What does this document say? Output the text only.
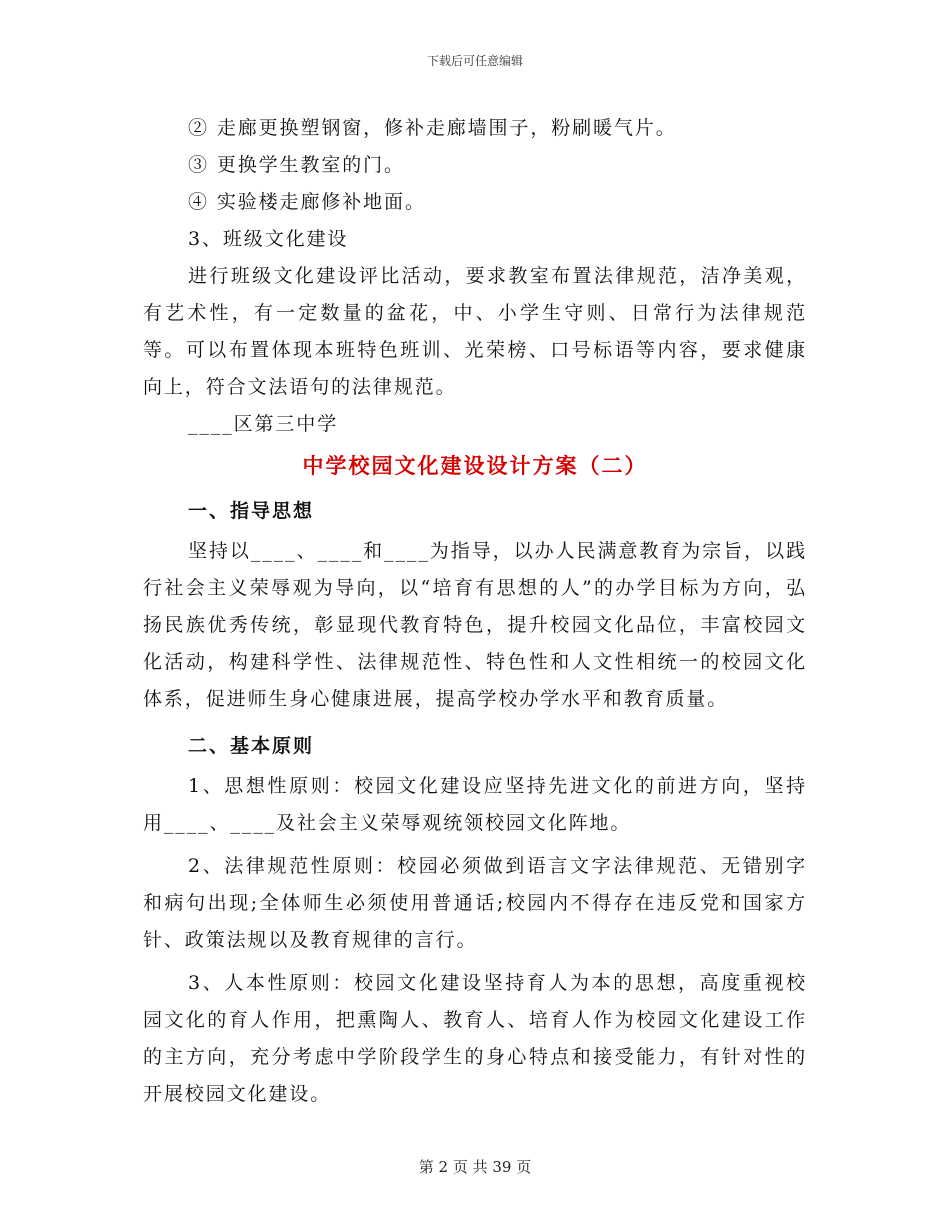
下载后可任意编辑

② 走廊更换塑钢窗，修补走廊墙围子，粉刷暖气片。

③ 更换学生教室的门。

④ 实验楼走廊修补地面。

3、班级文化建设

进行班级文化建设评比活动，要求教室布置法律规范，洁净美观，有艺术性，有一定数量的盆花，中、小学生守则、日常行为法律规范等。可以布置体现本班特色班训、光荣榜、口号标语等内容，要求健康向上，符合文法语句的法律规范。

____区第三中学

中学校园文化建设设计方案（二）

一、指导思想

坚持以____、____和____为指导，以办人民满意教育为宗旨，以践行社会主义荣辱观为导向，以“培育有思想的人”的办学目标为方向，弘扬民族优秀传统，彰显现代教育特色，提升校园文化品位，丰富校园文化活动，构建科学性、法律规范性、特色性和人文性相统一的校园文化体系，促进师生身心健康进展，提高学校办学水平和教育质量。

二、基本原则

1、思想性原则：校园文化建设应坚持先进文化的前进方向，坚持用____、____及社会主义荣辱观统领校园文化阵地。

2、法律规范性原则：校园必须做到语言文字法律规范、无错别字和病句出现;全体师生必须使用普通话;校园内不得存在违反党和国家方针、政策法规以及教育规律的言行。

3、人本性原则：校园文化建设坚持育人为本的思想，高度重视校园文化的育人作用，把熏陶人、教育人、培育人作为校园文化建设工作的主方向，充分考虑中学阶段学生的身心特点和接受能力，有针对性的开展校园文化建设。

第 2 页 共 39 页
